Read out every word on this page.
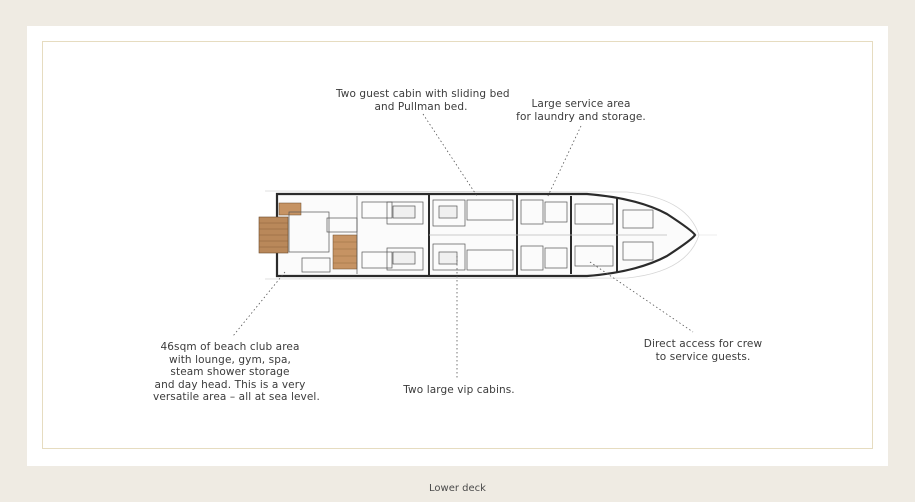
Two guest cabin with sliding bed
and Pullman bed.	Large service area
for laundry and storage.
46sqm of beach club area
with lounge, gym, spa,
steam shower storage
and day head. This is a very
versatile area – all at sea level.
Two large vip cabins.
Direct access for crew
to service guests.
Lower deck
